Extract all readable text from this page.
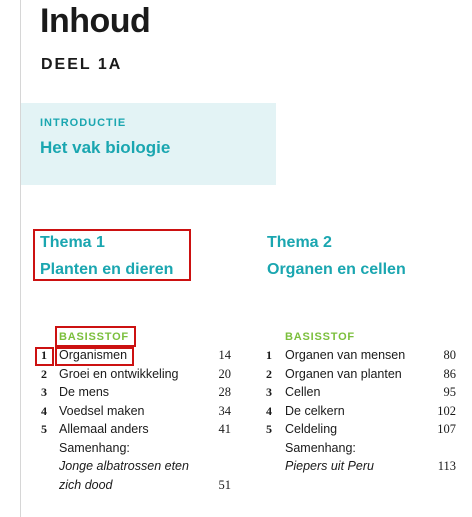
Inhoud
DEEL 1A
INTRODUCTIE
Het vak biologie
Thema 1
Planten en dieren
BASISSTOF
1 Organismen	14
2 Groei en ontwikkeling	20
3 De mens	28
4 Voedsel maken	34
5 Allemaal anders	41
Samenhang:
Jonge albatrossen eten
zich dood	51
Thema 2
Organen en cellen
BASISSTOF
1 Organen van mensen	80
2 Organen van planten	86
3 Cellen	95
4 De celkern	102
5 Celdeling	107
Samenhang:
Piepers uit Peru	113
